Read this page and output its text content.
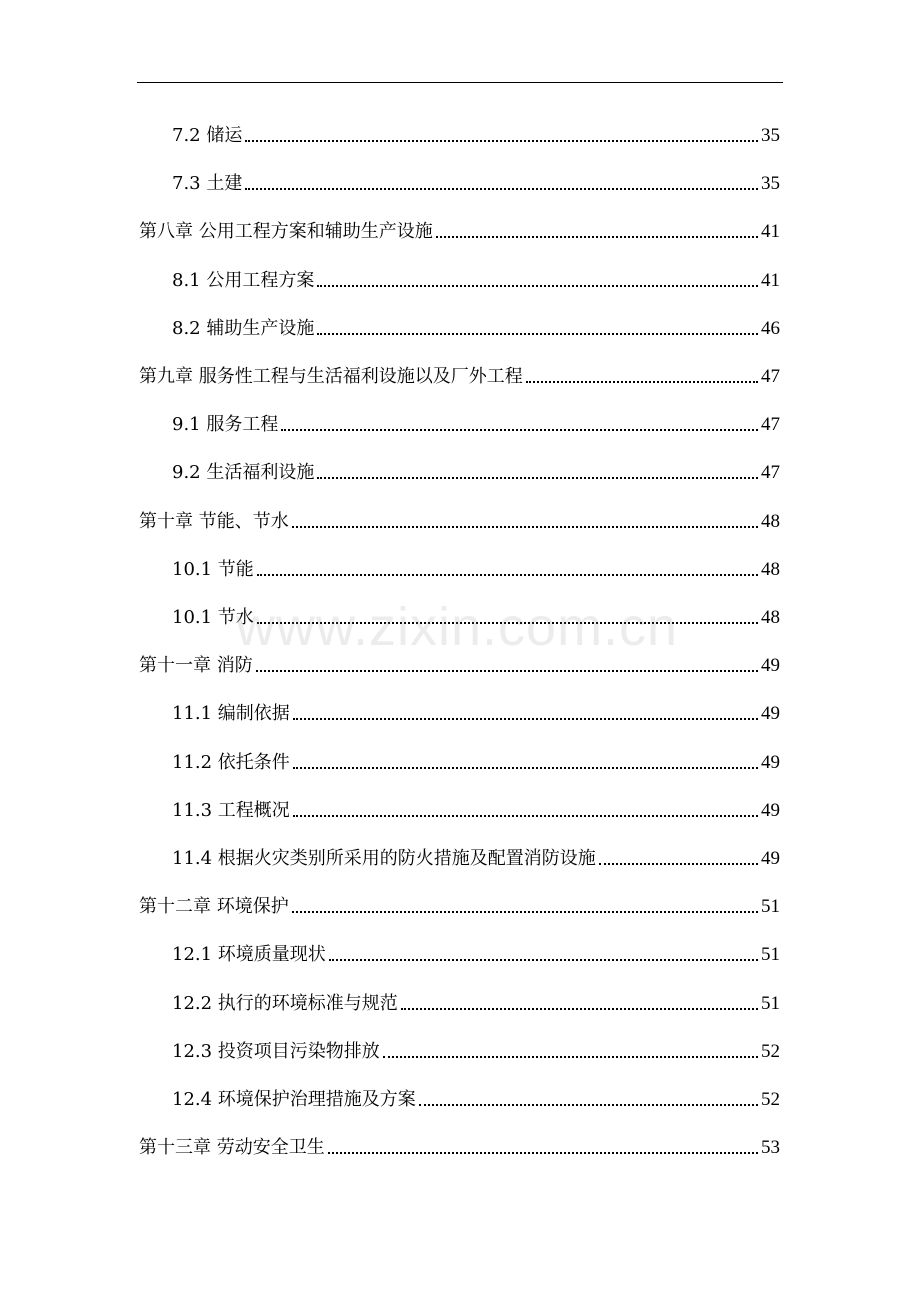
7.2 储运	35
7.3 土建	35
第八章 公用工程方案和辅助生产设施	41
8.1 公用工程方案	41
8.2 辅助生产设施	46
第九章 服务性工程与生活福利设施以及厂外工程	47
9.1 服务工程	47
9.2 生活福利设施	47
第十章 节能、节水	48
10.1 节能	48
10.1 节水	48
第十一章 消防	49
11.1 编制依据	49
11.2 依托条件	49
11.3 工程概况	49
11.4 根据火灾类别所采用的防火措施及配置消防设施	49
第十二章 环境保护	51
12.1 环境质量现状	51
12.2 执行的环境标准与规范	51
12.3 投资项目污染物排放	52
12.4 环境保护治理措施及方案	52
第十三章 劳动安全卫生	53
www.zixin.com.cn
